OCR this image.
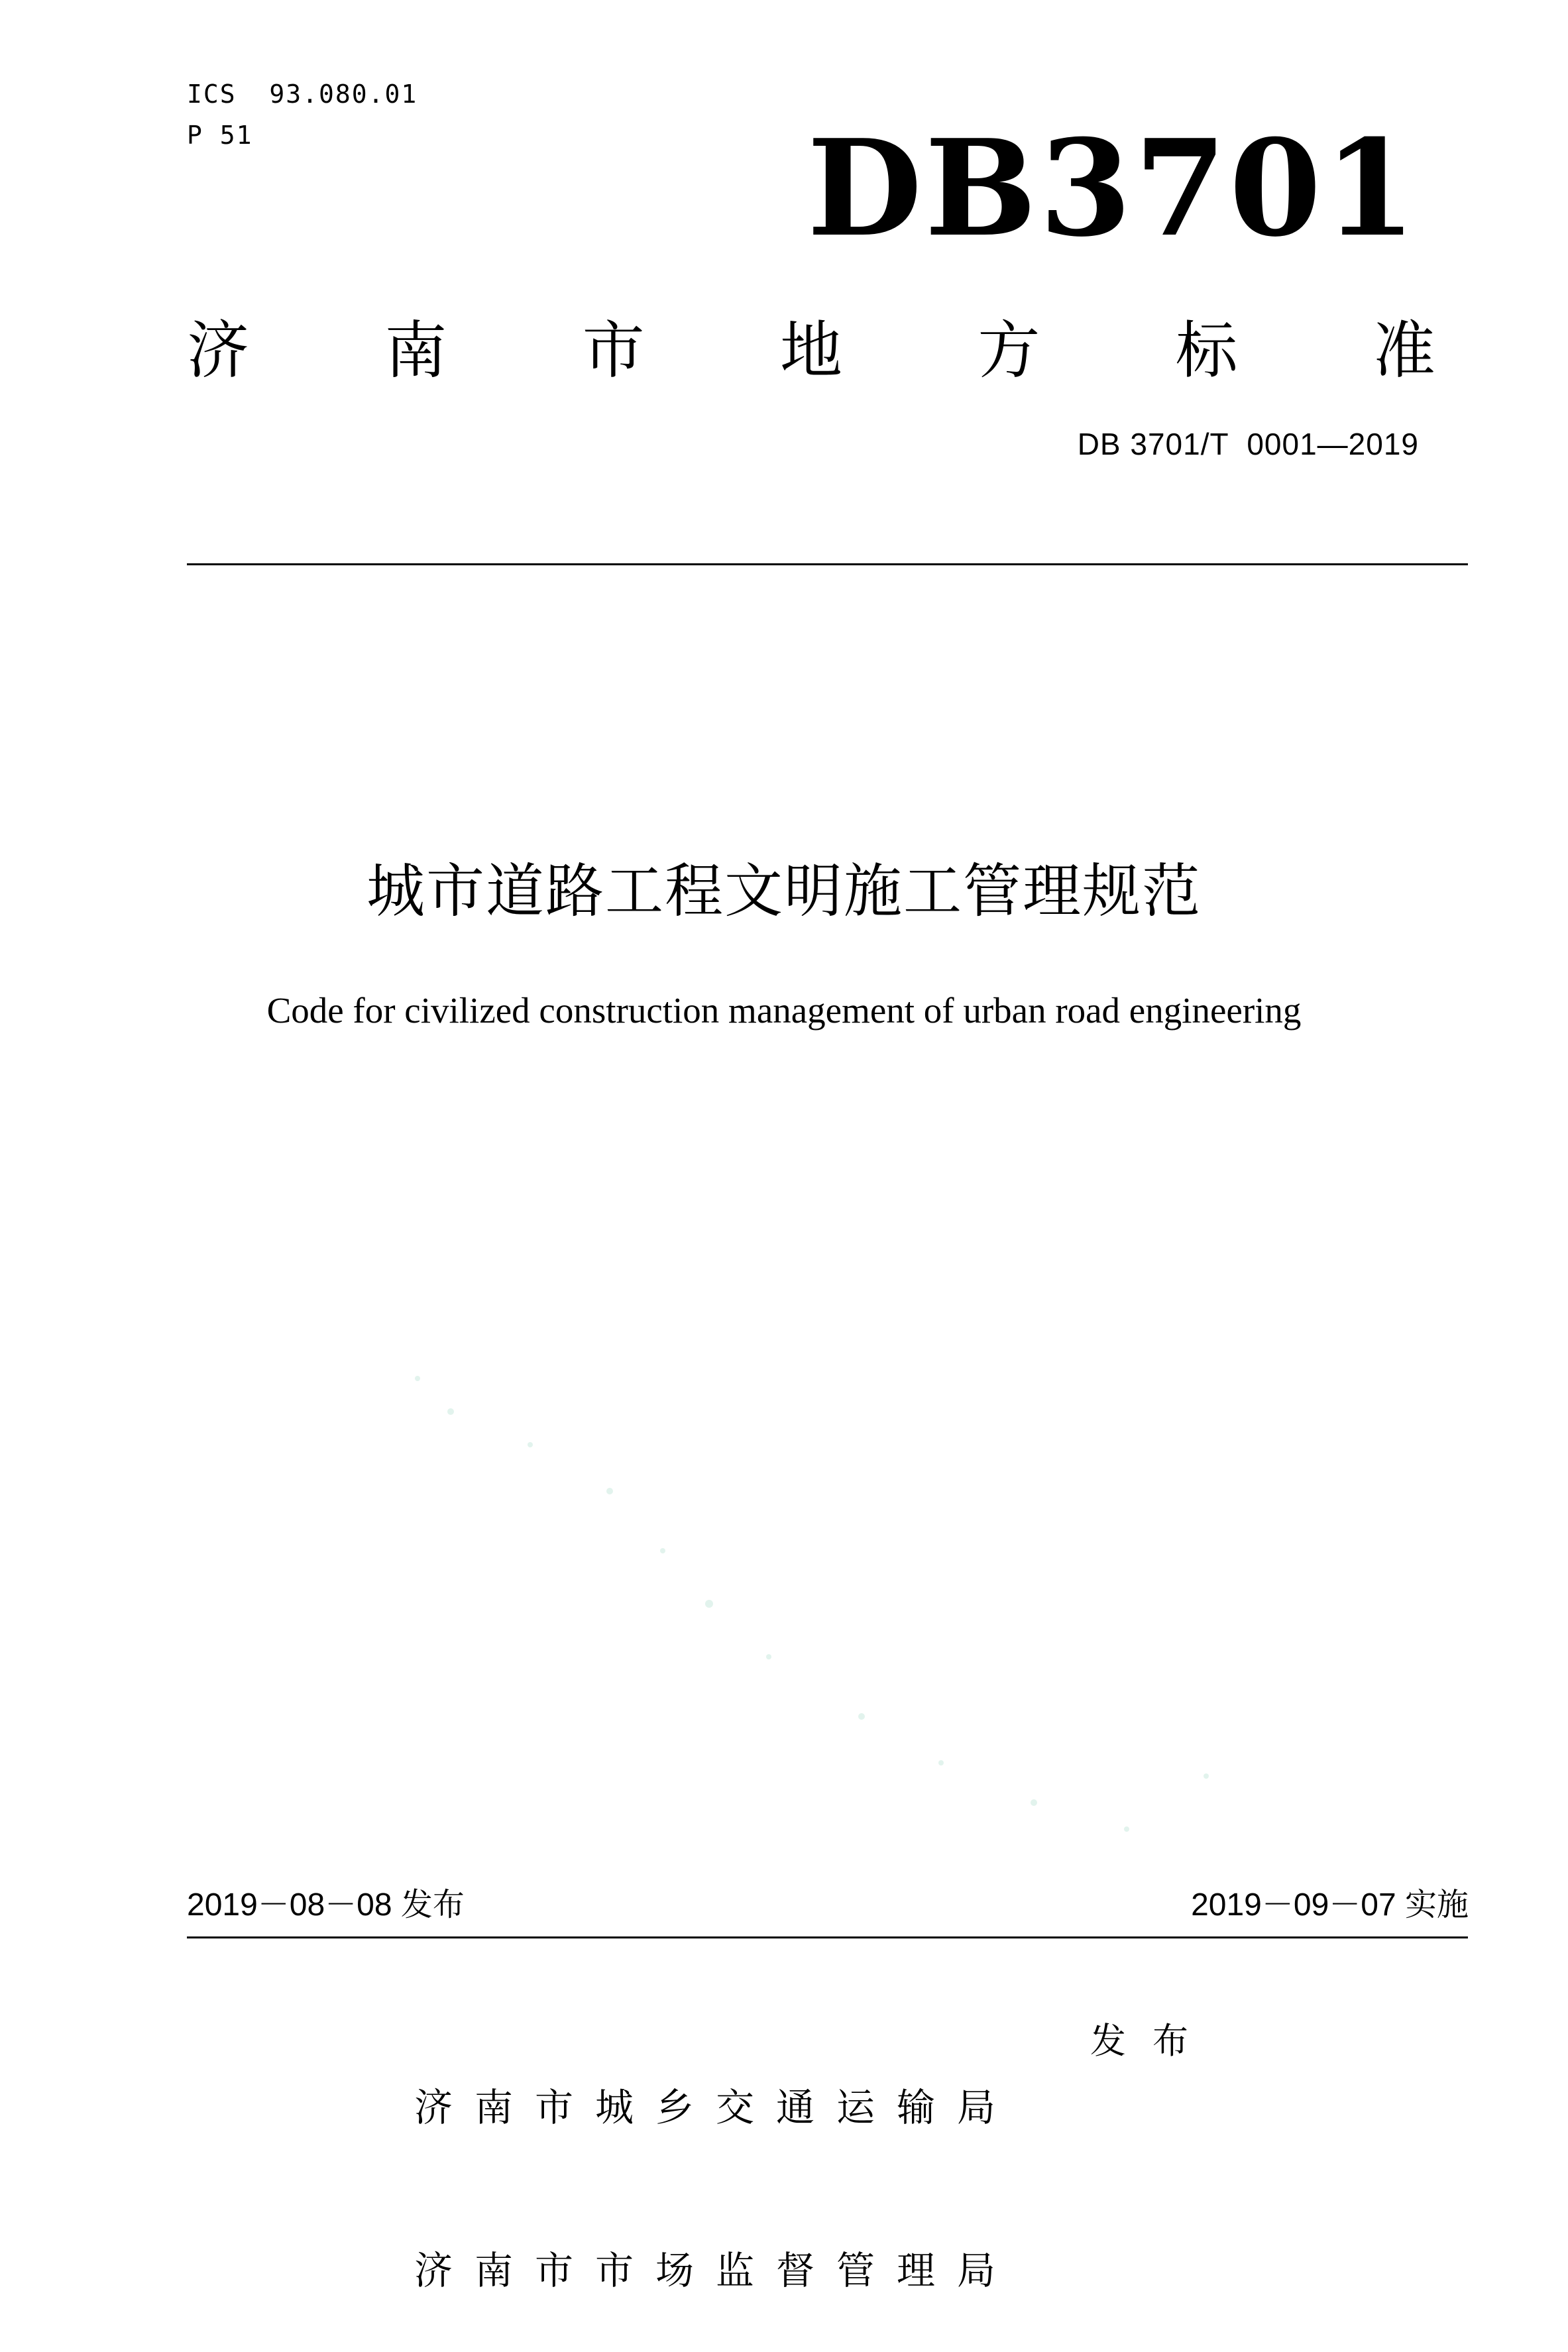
ICS  93.080.01
P 51	DB3701
济 南 市 地 方 标 准
DB 3701/T  0001—2019
城市道路工程文明施工管理规范
Code for civilized construction management of urban road engineering
2019－08－08 发布	2019－09－07 实施

济南市城乡交通运输局

济南市市场监督管理局

发布
